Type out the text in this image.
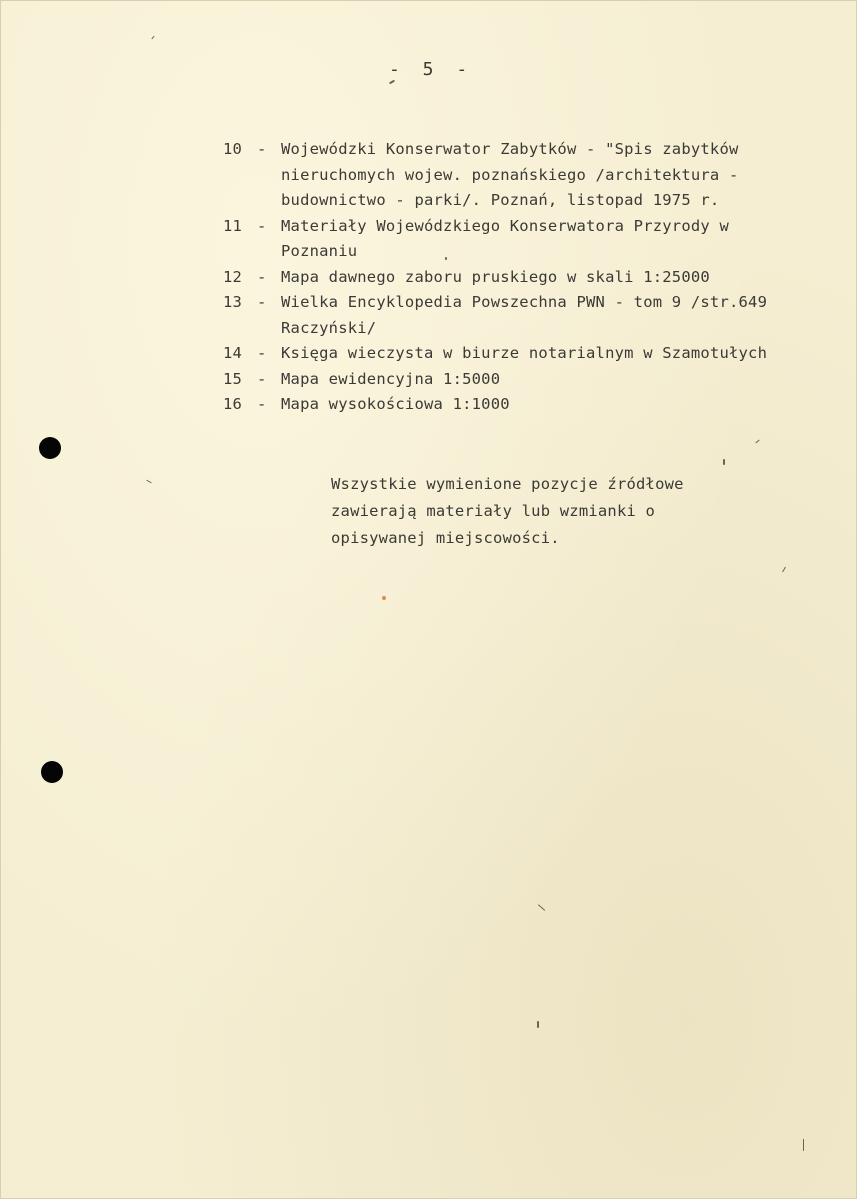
- 5 -
10 - Wojewódzki Konserwator Zabytków - "Spis zabytków
nieruchomych wojew. poznańskiego /architektura -
budownictwo - parki/. Poznań, listopad 1975 r.
11 - Materiały Wojewódzkiego Konserwatora Przyrody w
Poznaniu
12 - Mapa dawnego zaboru pruskiego w skali 1:25000
13 - Wielka Encyklopedia Powszechna PWN - tom 9 /str.649
Raczyński/
14 - Księga wieczysta w biurze notarialnym w Szamotułych
15 - Mapa ewidencyjna 1:5000
16 - Mapa wysokościowa 1:1000
Wszystkie wymienione pozycje źródłowe
zawierają materiały lub wzmianki o
opisywanej miejscowości.
